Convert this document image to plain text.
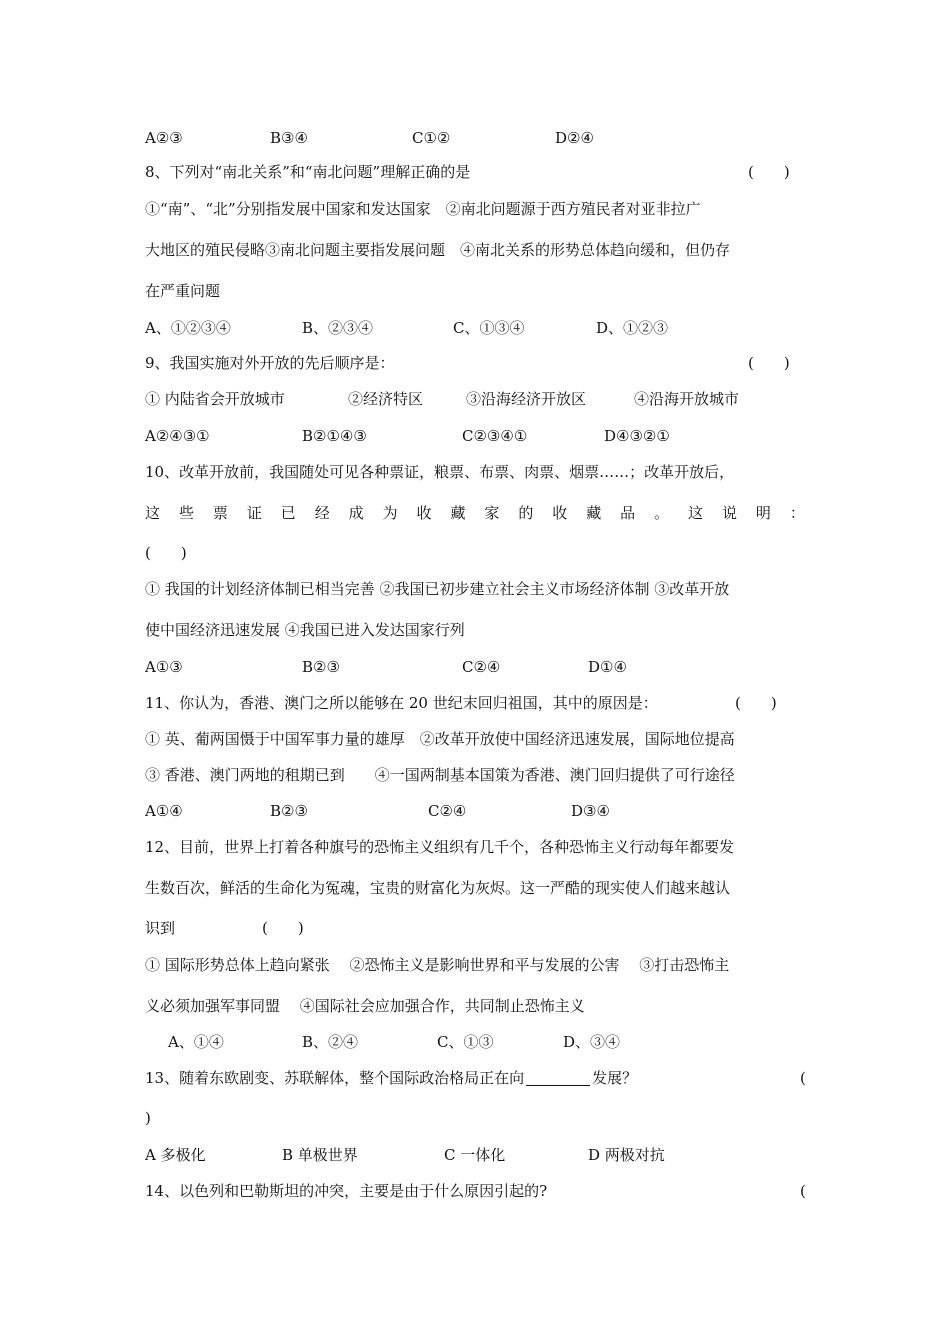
A②③	B③④	C①②	D②④
8、下列对“南北关系”和“南北问题”理解正确的是	(　　)
①“南”、“北”分别指发展中国家和发达国家　②南北问题源于西方殖民者对亚非拉广
大地区的殖民侵略③南北问题主要指发展问题　④南北关系的形势总体趋向缓和，但仍存
在严重问题
A、①②③④	B、②③④	C、①③④	D、①②③
9、我国实施对外开放的先后顺序是：	(　　)
① 内陆省会开放城市	②经济特区	③沿海经济开放区	④沿海开放城市
A②④③①	B②①④③	C②③④①	D④③②①
10、改革开放前，我国随处可见各种票证，粮票、布票、肉票、烟票……；改革开放后，
这 些 票 证 已 经 成 为 收 藏 家 的 收 藏 品 。 这 说 明 ：
(　　)
① 我国的计划经济体制已相当完善 ②我国已初步建立社会主义市场经济体制 ③改革开放
使中国经济迅速发展 ④我国已进入发达国家行列
A①③	B②③	C②④	D①④
11、你认为，香港、澳门之所以能够在 20 世纪末回归祖国，其中的原因是：	(　　)
① 英、葡两国慑于中国军事力量的雄厚　②改革开放使中国经济迅速发展，国际地位提高
③ 香港、澳门两地的租期已到　　④一国两制基本国策为香港、澳门回归提供了可行途径
A①④	B②③	C②④	D③④
12、目前，世界上打着各种旗号的恐怖主义组织有几千个，各种恐怖主义行动每年都要发
生数百次，鲜活的生命化为冤魂，宝贵的财富化为灰烬。这一严酷的现实使人们越来越认
识到	(　　)
① 国际形势总体上趋向紧张　 ②恐怖主义是影响世界和平与发展的公害　 ③打击恐怖主
义必须加强军事同盟　 ④国际社会应加强合作，共同制止恐怖主义
A、①④	B、②④	C、①③	D、③④
13、随着东欧剧变、苏联解体，整个国际政治格局正在向	发展？	(
)
A 多极化	B 单极世界	C 一体化	D 两极对抗
14、以色列和巴勒斯坦的冲突，主要是由于什么原因引起的?	(
